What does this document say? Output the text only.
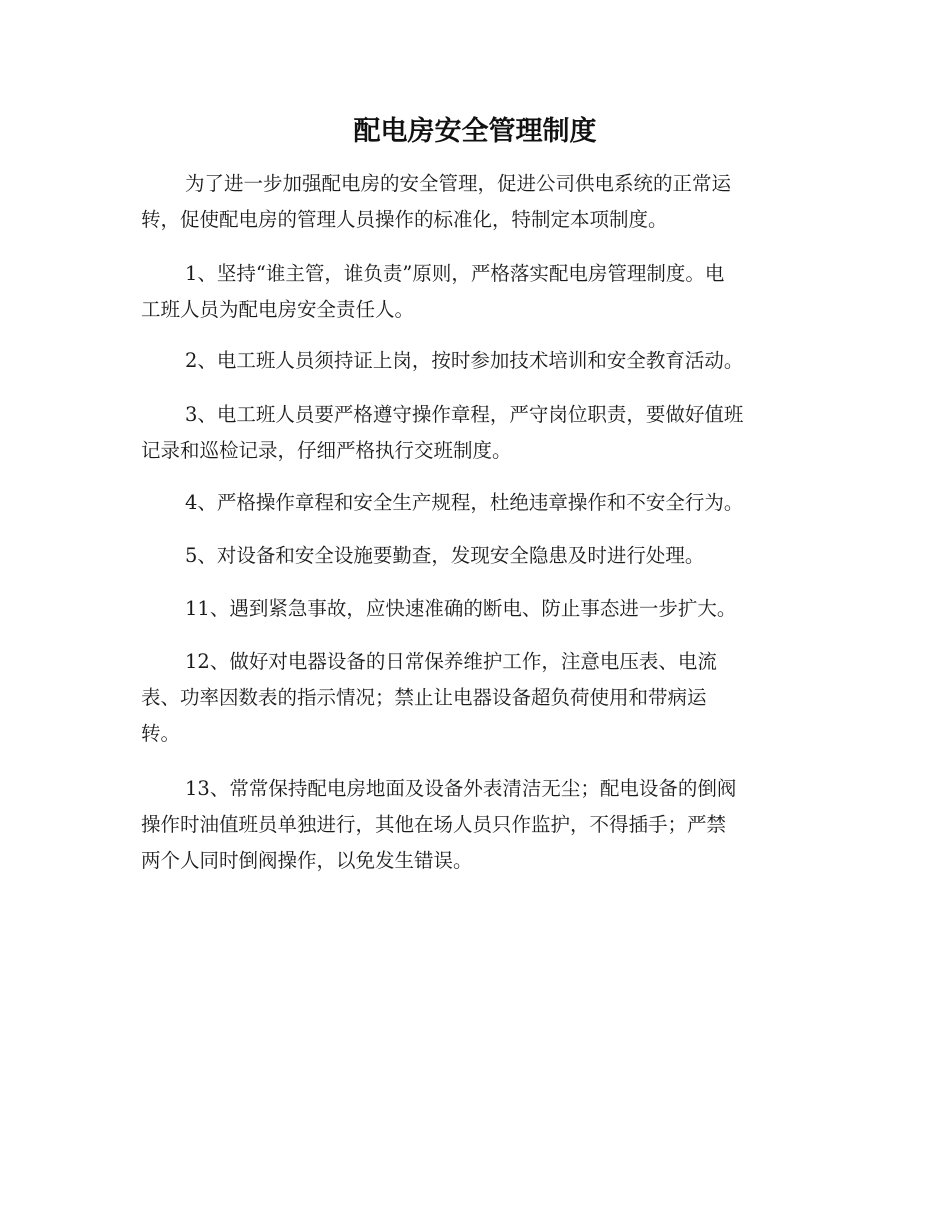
配电房安全管理制度

为了进一步加强配电房的安全管理，促进公司供电系统的正常运
转，促使配电房的管理人员操作的标准化，特制定本项制度。

1、坚持“谁主管，谁负责”原则，严格落实配电房管理制度。电
工班人员为配电房安全责任人。

2、电工班人员须持证上岗，按时参加技术培训和安全教育活动。

3、电工班人员要严格遵守操作章程，严守岗位职责，要做好值班
记录和巡检记录，仔细严格执行交班制度。

4、严格操作章程和安全生产规程，杜绝违章操作和不安全行为。

5、对设备和安全设施要勤查，发现安全隐患及时进行处理。

11、遇到紧急事故，应快速准确的断电、防止事态进一步扩大。

12、做好对电器设备的日常保养维护工作，注意电压表、电流
表、功率因数表的指示情况；禁止让电器设备超负荷使用和带病运
转。

13、常常保持配电房地面及设备外表清洁无尘；配电设备的倒阀
操作时油值班员单独进行，其他在场人员只作监护，不得插手；严禁
两个人同时倒阀操作，以免发生错误。
